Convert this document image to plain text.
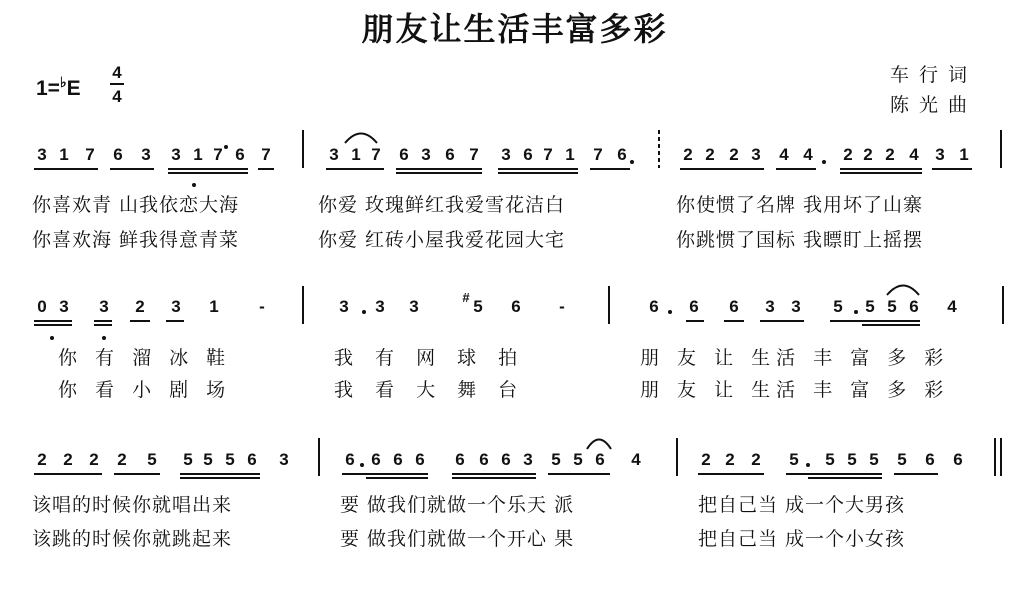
朋友让生活丰富多彩
1=♭E
4
4
车行词
陈光曲
3 1 7 6 3 3 1 7 6 7	3 1 7 6 3 6 7 3 6 7 1 7 6	2 2 2 3 4 4 2 2 2 4 3 1
0 3 3 2 3 1	-	3 3 3	5 6	-	6 6 6 3 3 5 5 5 6 4
#
2 2 2 2 5 5 5 5 6 3	6 6 6 6 6 6 6 3 5 5 6 4	2 2 2 5 5 5 5 5 6 6
你喜欢青 山我依恋大海	你爱 玫瑰鲜红我爱雪花洁白	你使惯了名牌 我用坏了山寨
你喜欢海 鲜我得意青菜	你爱 红砖小屋我爱花园大宅	你跳惯了国标 我瞟盯上摇摆
你 有 溜 冰 鞋	我 有 网 球 拍	朋 友 让 生活 丰 富 多 彩
你 看 小 剧 场	我 看 大 舞 台	朋 友 让 生活 丰 富 多 彩
该唱的时候你就唱出来	要 做我们就做一个乐天 派	把自己当 成一个大男孩
该跳的时候你就跳起来	要 做我们就做一个开心 果	把自己当 成一个小女孩
